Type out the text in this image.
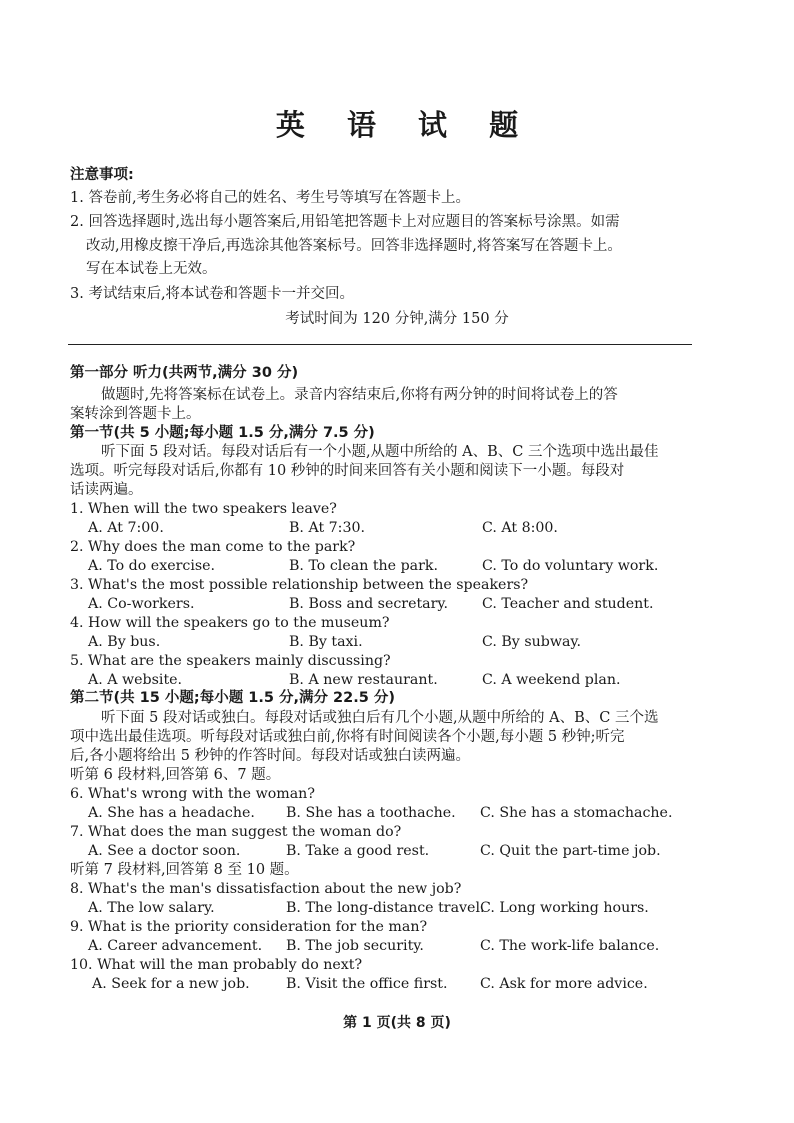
英 语 试 题
注意事项:
1. 答卷前,考生务必将自己的姓名、考生号等填写在答题卡上。
2. 回答选择题时,选出每小题答案后,用铅笔把答题卡上对应题目的答案标号涂黑。如需
改动,用橡皮擦干净后,再选涂其他答案标号。回答非选择题时,将答案写在答题卡上。
写在本试卷上无效。
3. 考试结束后,将本试卷和答题卡一并交回。
考试时间为 120 分钟,满分 150 分
第一部分 听力(共两节,满分 30 分)
做题时,先将答案标在试卷上。录音内容结束后,你将有两分钟的时间将试卷上的答
案转涂到答题卡上。
第一节(共 5 小题;每小题 1.5 分,满分 7.5 分)
听下面 5 段对话。每段对话后有一个小题,从题中所给的 A、B、C 三个选项中选出最佳
选项。听完每段对话后,你都有 10 秒钟的时间来回答有关小题和阅读下一小题。每段对
话读两遍。
1. When will the two speakers leave?
A. At 7:00.	B. At 7:30.	C. At 8:00.
2. Why does the man come to the park?
A. To do exercise.	B. To clean the park.	C. To do voluntary work.
3. What's the most possible relationship between the speakers?
A. Co-workers.	B. Boss and secretary. C. Teacher and student.
4. How will the speakers go to the museum?
A. By bus.	B. By taxi.	C. By subway.
5. What are the speakers mainly discussing?
A. A website.	B. A new restaurant.	C. A weekend plan.
第二节(共 15 小题;每小题 1.5 分,满分 22.5 分)
听下面 5 段对话或独白。每段对话或独白后有几个小题,从题中所给的 A、B、C 三个选
项中选出最佳选项。听每段对话或独白前,你将有时间阅读各个小题,每小题 5 秒钟;听完
后,各小题将给出 5 秒钟的作答时间。每段对话或独白读两遍。
听第 6 段材料,回答第 6、7 题。
6. What's wrong with the woman?
A. She has a headache. B. She has a toothache. C. She has a stomachache.
7. What does the man suggest the woman do?
A. See a doctor soon.	B. Take a good rest.	C. Quit the part-time job.
听第 7 段材料,回答第 8 至 10 题。
8. What's the man's dissatisfaction about the new job?
A. The low salary.	B. The long-distance travel.
C. Long working hours.
9. What is the priority consideration for the man?
A. Career advancement. B. The job security.	C. The work-life balance.
10. What will the man probably do next?
A. Seek for a new job.	B. Visit the office first. C. Ask for more advice.
第 1 页(共 8 页)
